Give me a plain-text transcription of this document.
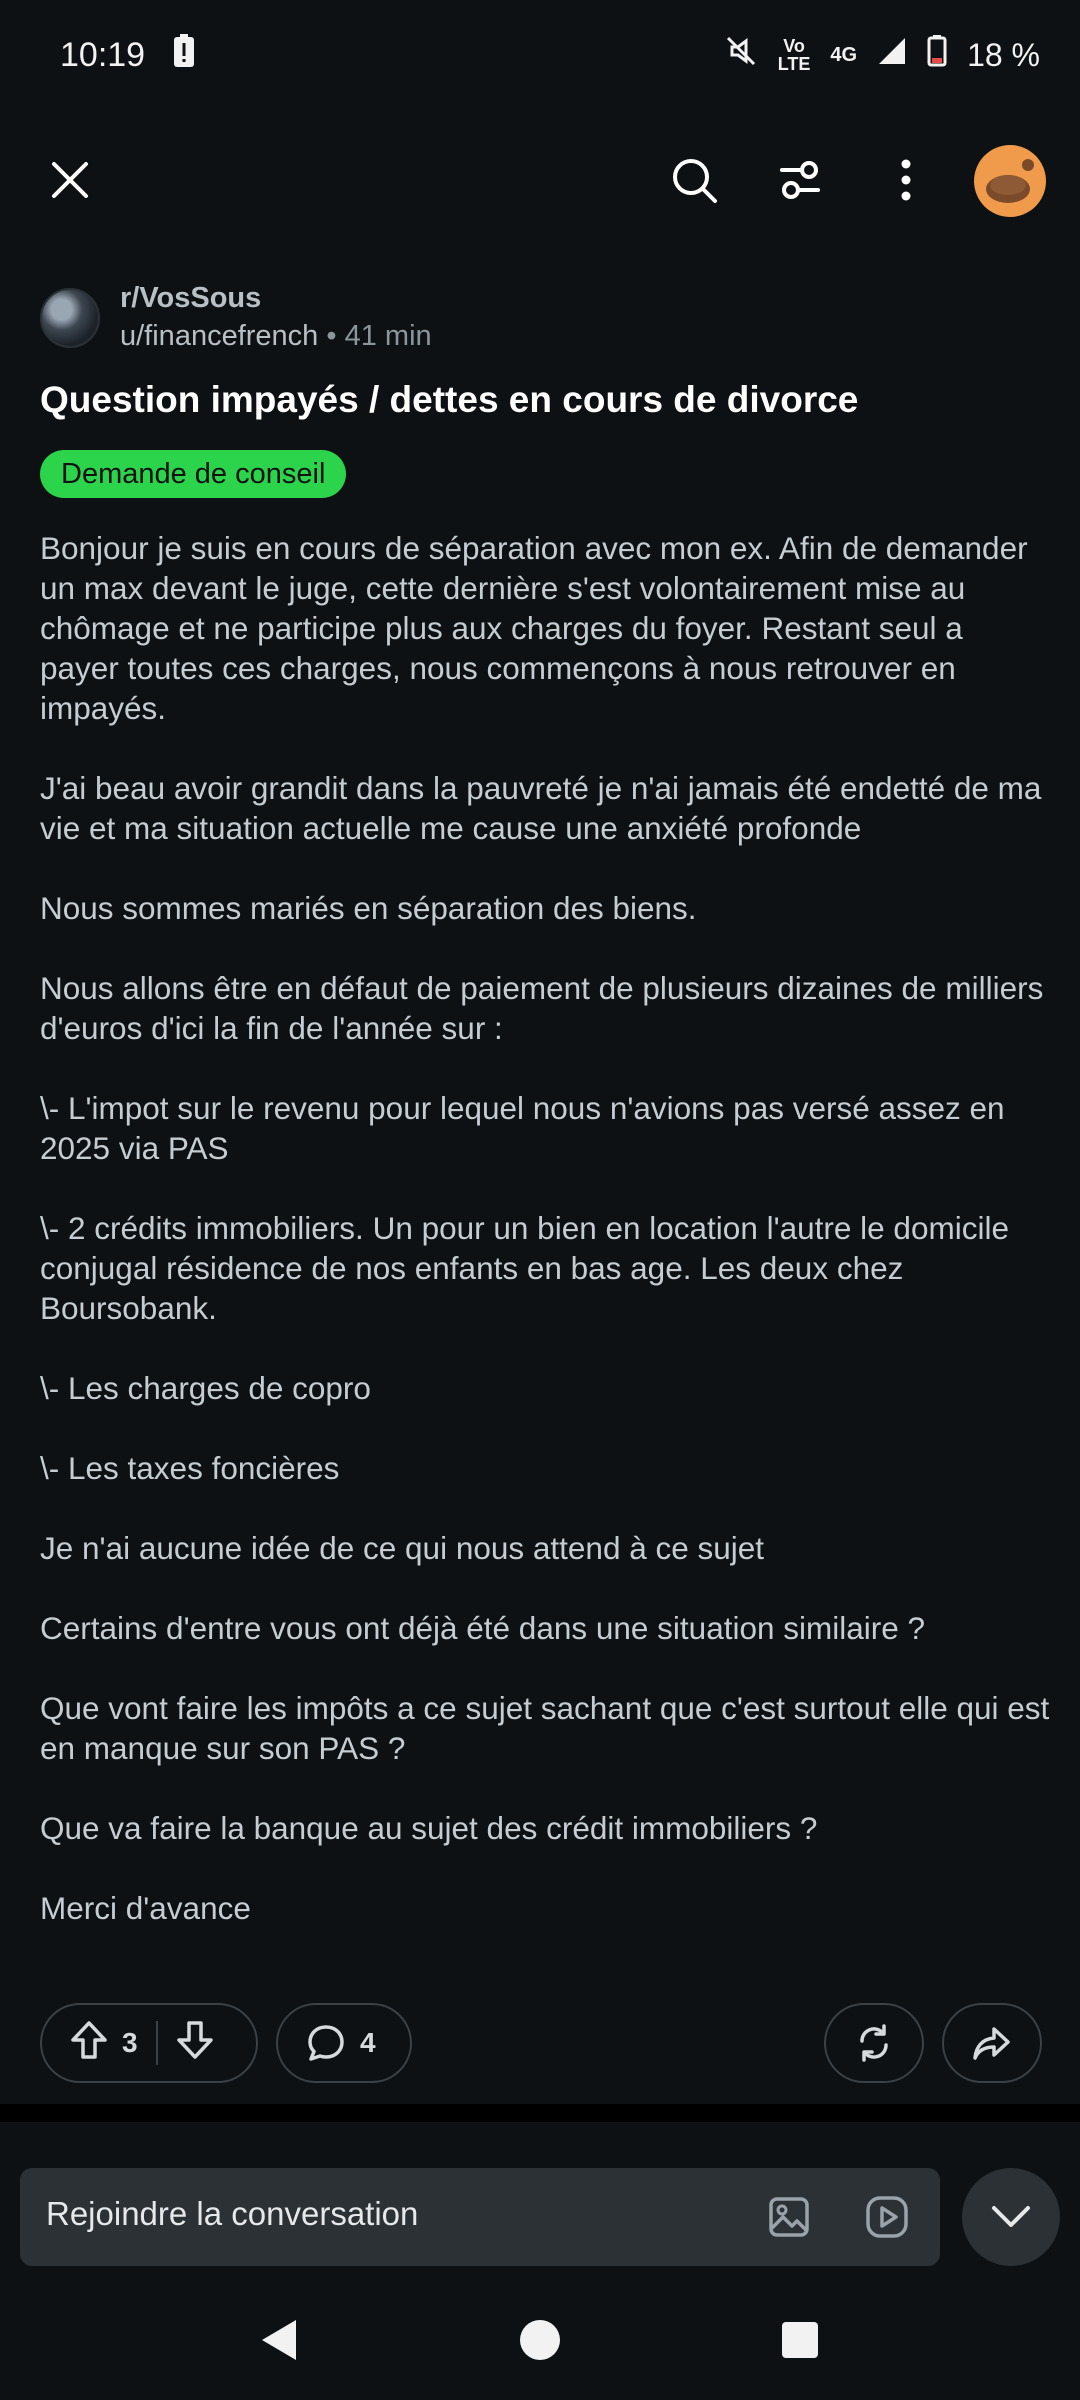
10:19	Vo
LTE 4G	18 %
r/VosSous
u/financefrench • 41 min
Question impayés / dettes en cours de divorce
Demande de conseil

Bonjour je suis en cours de séparation avec mon ex. Afin de demander un max devant le juge, cette dernière s'est volontairement mise au chômage et ne participe plus aux charges du foyer. Restant seul a payer toutes ces charges, nous commençons à nous retrouver en impayés.

J'ai beau avoir grandit dans la pauvreté je n'ai jamais été endetté de ma vie et ma situation actuelle me cause une anxiété profonde

Nous sommes mariés en séparation des biens.

Nous allons être en défaut de paiement de plusieurs dizaines de milliers d'euros d'ici la fin de l'année sur :

\- L'impot sur le revenu pour lequel nous n'avions pas versé assez en 2025 via PAS

\- 2 crédits immobiliers. Un pour un bien en location l'autre le domicile conjugal résidence de nos enfants en bas age. Les deux chez Boursobank.

\- Les charges de copro

\- Les taxes foncières

Je n'ai aucune idée de ce qui nous attend à ce sujet

Certains d'entre vous ont déjà été dans une situation similaire ?

Que vont faire les impôts a ce sujet sachant que c'est surtout elle qui est en manque sur son PAS ?

Que va faire la banque au sujet des crédit immobiliers ?

Merci d'avance

3	4
Rejoindre la conversation
